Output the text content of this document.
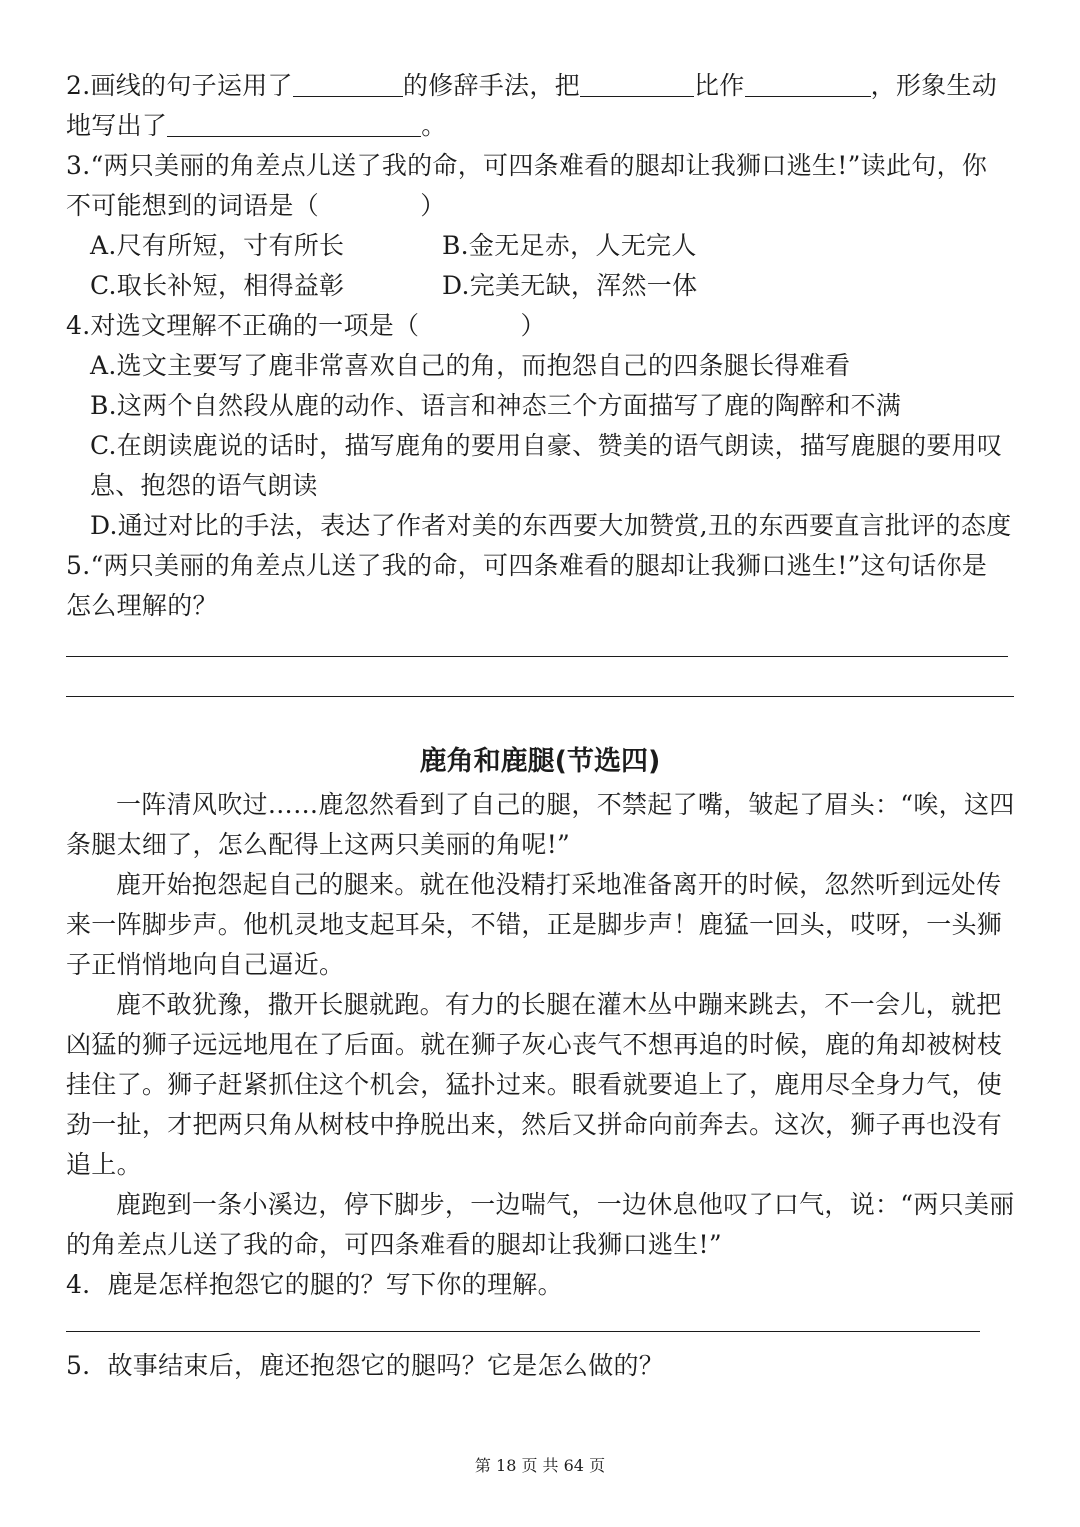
2.画线的句子运用了	的修辞手法，把	比作	，形象生动
地写出了	。
3.“两只美丽的角差点儿送了我的命，可四条难看的腿却让我狮口逃生!”读此句，你
不可能想到的词语是（　　　　）
A.尺有所短，寸有所长	B.金无足赤，人无完人
C.取长补短，相得益彰	D.完美无缺，浑然一体
4.对选文理解不正确的一项是（　　　　）
A.选文主要写了鹿非常喜欢自己的角，而抱怨自己的四条腿长得难看
B.这两个自然段从鹿的动作、语言和神态三个方面描写了鹿的陶醉和不满
C.在朗读鹿说的话时，描写鹿角的要用自豪、赞美的语气朗读，描写鹿腿的要用叹
息、抱怨的语气朗读
D.通过对比的手法，表达了作者对美的东西要大加赞赏,丑的东西要直言批评的态度
5.“两只美丽的角差点儿送了我的命，可四条难看的腿却让我狮口逃生!”这句话你是
怎么理解的？
鹿角和鹿腿(节选四)
一阵清风吹过……鹿忽然看到了自己的腿，不禁起了嘴，皱起了眉头：“唉，这四
条腿太细了，怎么配得上这两只美丽的角呢!”
鹿开始抱怨起自己的腿来。就在他没精打采地准备离开的时候，忽然听到远处传
来一阵脚步声。他机灵地支起耳朵，不错，正是脚步声！鹿猛一回头，哎呀，一头狮
子正悄悄地向自己逼近。
鹿不敢犹豫，撒开长腿就跑。有力的长腿在灌木丛中蹦来跳去，不一会儿，就把
凶猛的狮子远远地甩在了后面。就在狮子灰心丧气不想再追的时候，鹿的角却被树枝
挂住了。狮子赶紧抓住这个机会，猛扑过来。眼看就要追上了，鹿用尽全身力气，使
劲一扯，才把两只角从树枝中挣脱出来，然后又拼命向前奔去。这次，狮子再也没有
追上。
鹿跑到一条小溪边，停下脚步，一边喘气，一边休息他叹了口气，说：“两只美丽
的角差点儿送了我的命，可四条难看的腿却让我狮口逃生!”
4．鹿是怎样抱怨它的腿的？写下你的理解。
5．故事结束后，鹿还抱怨它的腿吗？它是怎么做的？
第 18 页 共 64 页
